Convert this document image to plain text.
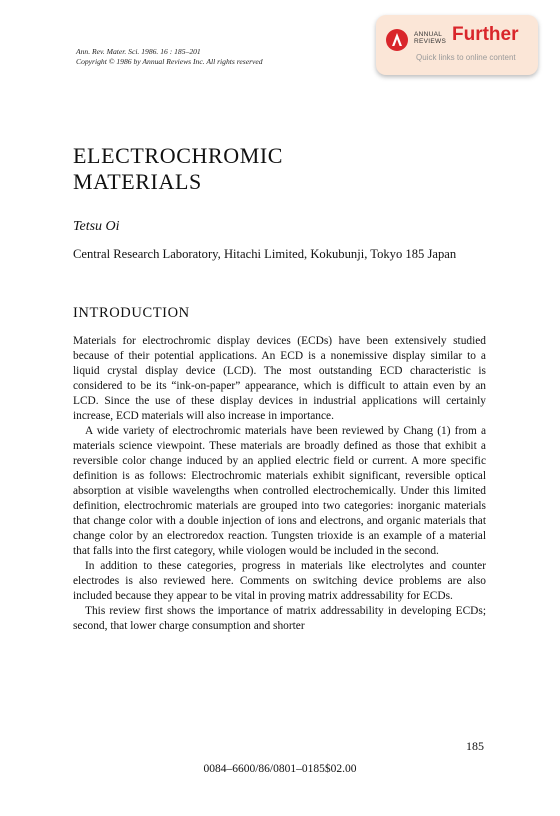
Ann. Rev. Mater. Sci. 1986. 16 : 185–201
Copyright © 1986 by Annual Reviews Inc. All rights reserved
ANNUAL
REVIEWS Further
Quick links to online content
ELECTROCHROMIC
MATERIALS
Tetsu Oi
Central Research Laboratory, Hitachi Limited, Kokubunji, Tokyo 185 Japan
INTRODUCTION

Materials for electrochromic display devices (ECDs) have been extensively studied because of their potential applications. An ECD is a nonemissive display similar to a liquid crystal display device (LCD). The most outstanding ECD characteristic is considered to be its “ink-on-paper” appearance, which is difficult to attain even by an LCD. Since the use of these display devices in industrial applications will certainly increase, ECD materials will also increase in importance.

A wide variety of electrochromic materials have been reviewed by Chang (1) from a materials science viewpoint. These materials are broadly defined as those that exhibit a reversible color change induced by an applied electric field or current. A more specific definition is as follows: Electrochromic materials exhibit significant, reversible optical absorption at visible wavelengths when controlled electrochemically. Under this limited definition, electrochromic materials are grouped into two categories: inorganic materials that change color with a double injection of ions and electrons, and organic materials that change color by an electroredox reaction. Tungsten trioxide is an example of a material that falls into the first category, while viologen would be included in the second.

In addition to these categories, progress in materials like electrolytes and counter electrodes is also reviewed here. Comments on switching device problems are also included because they appear to be vital in proving matrix addressability for ECDs.

This review first shows the importance of matrix addressability in developing ECDs; second, that lower charge consumption and shorter

185
0084–6600/86/0801–0185$02.00
